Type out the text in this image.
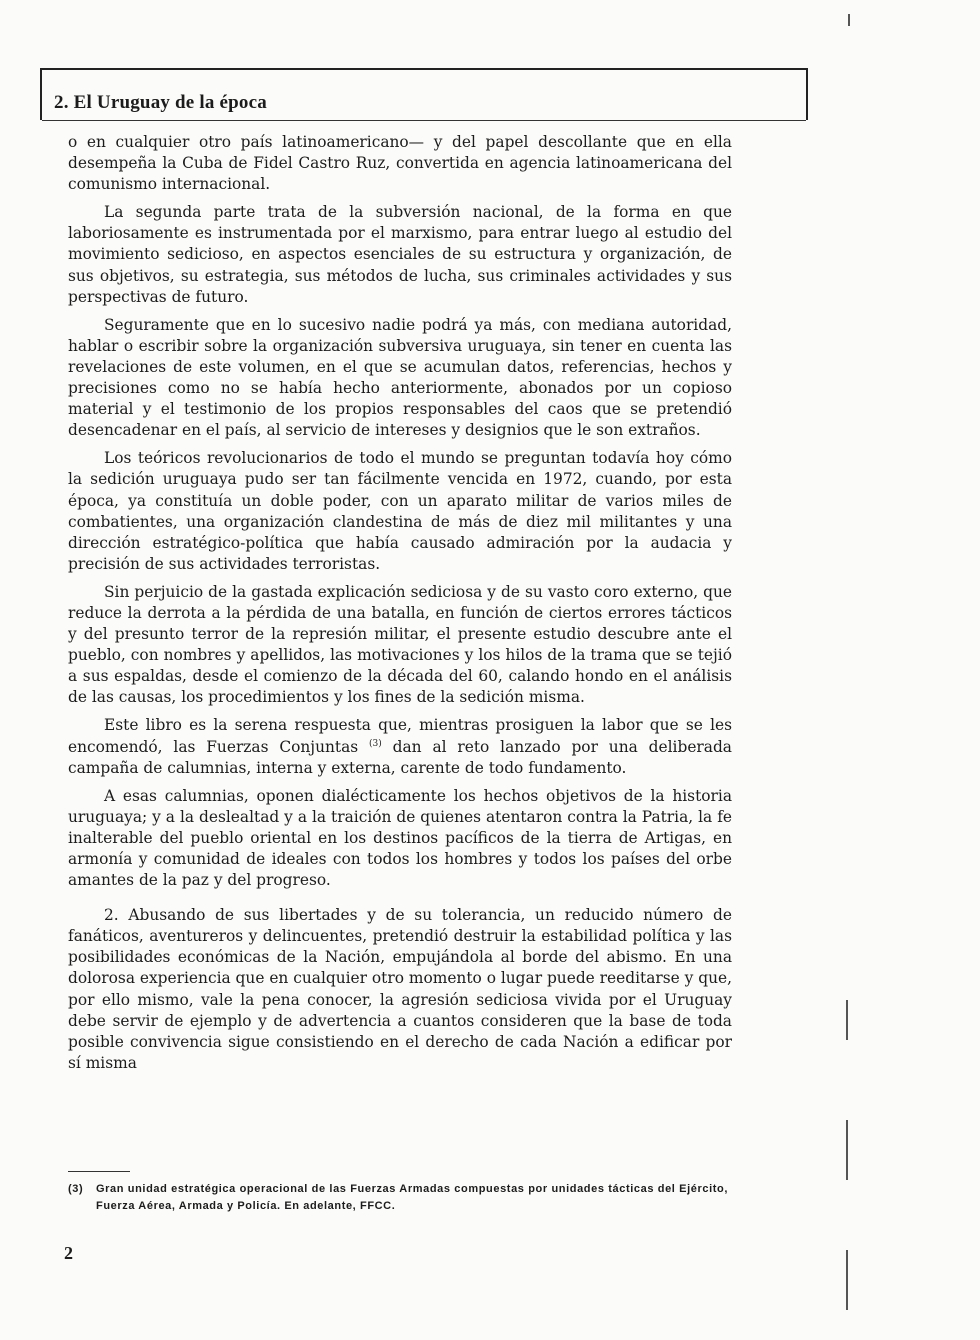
2. El Uruguay de la época

o en cualquier otro país latinoamericano— y del papel descollante que en ella desempeña la Cuba de Fidel Castro Ruz, convertida en agencia latinoamericana del comunismo internacional.

La segunda parte trata de la subversión nacional, de la forma en que laboriosamente es instrumentada por el marxismo, para entrar luego al estudio del movimiento sedicioso, en aspectos esenciales de su estructura y organización, de sus objetivos, su estrategia, sus métodos de lucha, sus criminales actividades y sus perspectivas de futuro.

Seguramente que en lo sucesivo nadie podrá ya más, con mediana autoridad, hablar o escribir sobre la organización subversiva uruguaya, sin tener en cuenta las revelaciones de este volumen, en el que se acumulan datos, referencias, hechos y precisiones como no se había hecho anteriormente, abonados por un copioso material y el testimonio de los propios responsables del caos que se pretendió desencadenar en el país, al servicio de intereses y designios que le son extraños.

Los teóricos revolucionarios de todo el mundo se preguntan todavía hoy cómo la sedición uruguaya pudo ser tan fácilmente vencida en 1972, cuando, por esta época, ya constituía un doble poder, con un aparato militar de varios miles de combatientes, una organización clandestina de más de diez mil militantes y una dirección estratégico-política que había causado admiración por la audacia y precisión de sus actividades terroristas.

Sin perjuicio de la gastada explicación sediciosa y de su vasto coro externo, que reduce la derrota a la pérdida de una batalla, en función de ciertos errores tácticos y del presunto terror de la represión militar, el presente estudio descubre ante el pueblo, con nombres y apellidos, las motivaciones y los hilos de la trama que se tejió a sus espaldas, desde el comienzo de la década del 60, calando hondo en el análisis de las causas, los procedimientos y los fines de la sedición misma.

Este libro es la serena respuesta que, mientras prosiguen la labor que se les encomendó, las Fuerzas Conjuntas $^{(3)}$ dan al reto lanzado por una deliberada campaña de calumnias, interna y externa, carente de todo fundamento.

A esas calumnias, oponen dialécticamente los hechos objetivos de la historia uruguaya; y a la deslealtad y a la traición de quienes atentaron contra la Patria, la fe inalterable del pueblo oriental en los destinos pacíficos de la tierra de Artigas, en armonía y comunidad de ideales con todos los hombres y todos los países del orbe amantes de la paz y del progreso.

2. Abusando de sus libertades y de su tolerancia, un reducido número de fanáticos, aventureros y delincuentes, pretendió destruir la estabilidad política y las posibilidades económicas de la Nación, empujándola al borde del abismo. En una dolorosa experiencia que en cualquier otro momento o lugar puede reeditarse y que, por ello mismo, vale la pena conocer, la agresión sediciosa vivida por el Uruguay debe servir de ejemplo y de advertencia a cuantos consideren que la base de toda posible convivencia sigue consistiendo en el derecho de cada Nación a edificar por sí misma

(3)	Gran unidad estratégica operacional de las Fuerzas Armadas compuestas por unidades tácticas del Ejército, Fuerza Aérea, Armada y Policía. En adelante, FFCC.
2
